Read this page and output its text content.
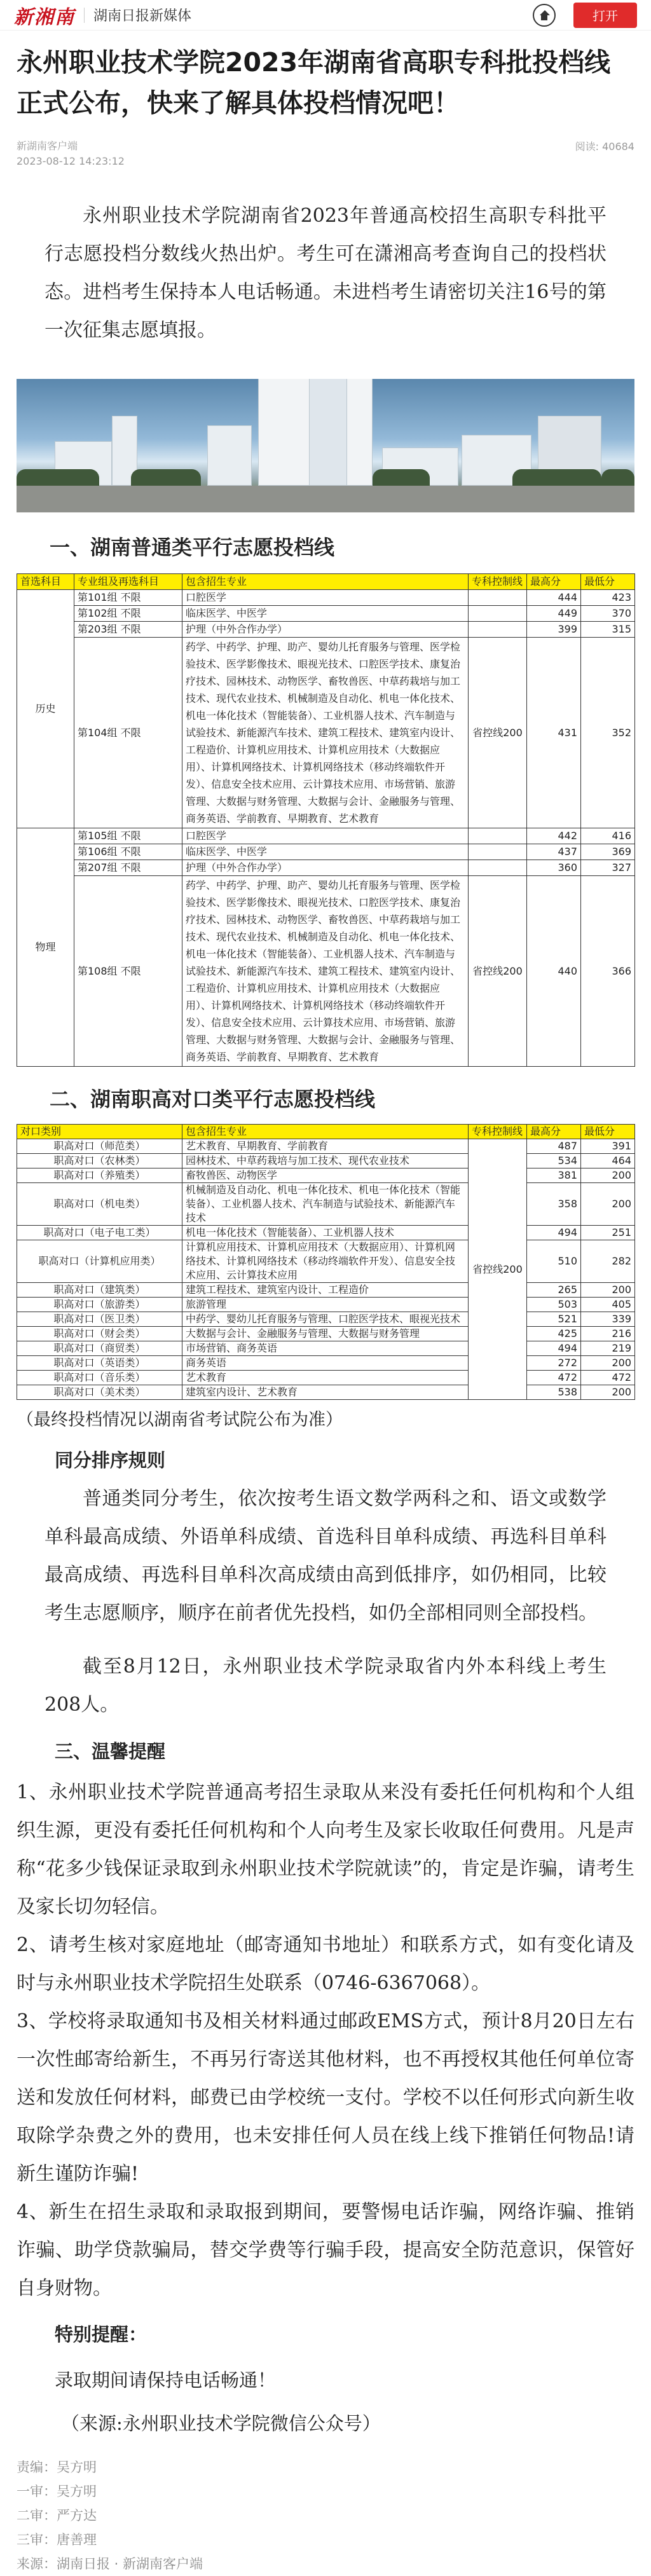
新湘南 湖南日报新媒体	打开
永州职业技术学院2023年湖南省高职专科批投档线正式公布，快来了解具体投档情况吧！
新湖南客户端
2023-08-12 14:23:12
阅读: 40684

永州职业技术学院湖南省2023年普通高校招生高职专科批平行志愿投档分数线火热出炉。考生可在潇湘高考查询自己的投档状态。进档考生保持本人电话畅通。未进档考生请密切关注16号的第一次征集志愿填报。

一、湖南普通类平行志愿投档线
首选科目	专业组及再选科目	包含招生专业	专科控制线	最高分	最低分
历史	第101组 不限	口腔医学		444	423
	第102组 不限	临床医学、中医学		449	370
	第203组 不限	护理（中外合作办学）		399	315
	第104组 不限	药学、中药学、护理、助产、婴幼儿托育服务与管理、医学检验技术、医学影像技术、眼视光技术、口腔医学技术、康复治疗技术、园林技术、动物医学、畜牧兽医、中草药栽培与加工技术、现代农业技术、机械制造及自动化、机电一体化技术、机电一体化技术（智能装备）、工业机器人技术、汽车制造与试验技术、新能源汽车技术、建筑工程技术、建筑室内设计、工程造价、计算机应用技术、计算机应用技术（大数据应用）、计算机网络技术、计算机网络技术（移动终端软件开发）、信息安全技术应用、云计算技术应用、市场营销、旅游管理、大数据与财务管理、大数据与会计、金融服务与管理、商务英语、学前教育、早期教育、艺术教育	省控线200	431	352
物理	第105组 不限	口腔医学		442	416
	第106组 不限	临床医学、中医学		437	369
	第207组 不限	护理（中外合作办学）		360	327
	第108组 不限	药学、中药学、护理、助产、婴幼儿托育服务与管理、医学检验技术、医学影像技术、眼视光技术、口腔医学技术、康复治疗技术、园林技术、动物医学、畜牧兽医、中草药栽培与加工技术、现代农业技术、机械制造及自动化、机电一体化技术、机电一体化技术（智能装备）、工业机器人技术、汽车制造与试验技术、新能源汽车技术、建筑工程技术、建筑室内设计、工程造价、计算机应用技术、计算机应用技术（大数据应用）、计算机网络技术、计算机网络技术（移动终端软件开发）、信息安全技术应用、云计算技术应用、市场营销、旅游管理、大数据与财务管理、大数据与会计、金融服务与管理、商务英语、学前教育、早期教育、艺术教育	省控线200	440	366
二、湖南职高对口类平行志愿投档线
对口类别	包含招生专业	专科控制线	最高分	最低分
职高对口（师范类）	艺术教育、早期教育、学前教育	省控线200	487	391
职高对口（农林类）	园林技术、中草药栽培与加工技术、现代农业技术		534	464
职高对口（养殖类）	畜牧兽医、动物医学		381	200
职高对口（机电类）	机械制造及自动化、机电一体化技术、机电一体化技术（智能装备）、工业机器人技术、汽车制造与试验技术、新能源汽车技术		358	200
职高对口（电子电工类）	机电一体化技术（智能装备）、工业机器人技术		494	251
职高对口（计算机应用类）	计算机应用技术、计算机应用技术（大数据应用）、计算机网络技术、计算机网络技术（移动终端软件开发）、信息安全技术应用、云计算技术应用		510	282
职高对口（建筑类）	建筑工程技术、建筑室内设计、工程造价		265	200
职高对口（旅游类）	旅游管理		503	405
职高对口（医卫类）	中药学、婴幼儿托育服务与管理、口腔医学技术、眼视光技术		521	339
职高对口（财会类）	大数据与会计、金融服务与管理、大数据与财务管理		425	216
职高对口（商贸类）	市场营销、商务英语		494	219
职高对口（英语类）	商务英语		272	200
职高对口（音乐类）	艺术教育		472	472
职高对口（美术类）	建筑室内设计、艺术教育		538	200
（最终投档情况以湖南省考试院公布为准）
同分排序规则

普通类同分考生，依次按考生语文数学两科之和、语文或数学单科最高成绩、外语单科成绩、首选科目单科成绩、再选科目单科最高成绩、再选科目单科次高成绩由高到低排序，如仍相同，比较考生志愿顺序，顺序在前者优先投档，如仍全部相同则全部投档。

截至8月12日，永州职业技术学院录取省内外本科线上考生208人。

三、温馨提醒

1、永州职业技术学院普通高考招生录取从来没有委托任何机构和个人组织生源，更没有委托任何机构和个人向考生及家长收取任何费用。凡是声称“花多少钱保证录取到永州职业技术学院就读”的，肯定是诈骗，请考生及家长切勿轻信。

2、请考生核对家庭地址（邮寄通知书地址）和联系方式，如有变化请及时与永州职业技术学院招生处联系（0746-6367068）。

3、学校将录取通知书及相关材料通过邮政EMS方式，预计8月20日左右一次性邮寄给新生，不再另行寄送其他材料，也不再授权其他任何单位寄送和发放任何材料，邮费已由学校统一支付。学校不以任何形式向新生收取除学杂费之外的费用，也未安排任何人员在线上线下推销任何物品!请新生谨防诈骗!

4、新生在招生录取和录取报到期间，要警惕电话诈骗，网络诈骗、推销诈骗、助学贷款骗局，替交学费等行骗手段，提高安全防范意识，保管好自身财物。

特别提醒：
录取期间请保持电话畅通！
（来源:永州职业技术学院微信公众号）
责编：吴方明
一审：吴方明
二审：严方达
三审：唐善理
来源：湖南日报 · 新湖南客户端
